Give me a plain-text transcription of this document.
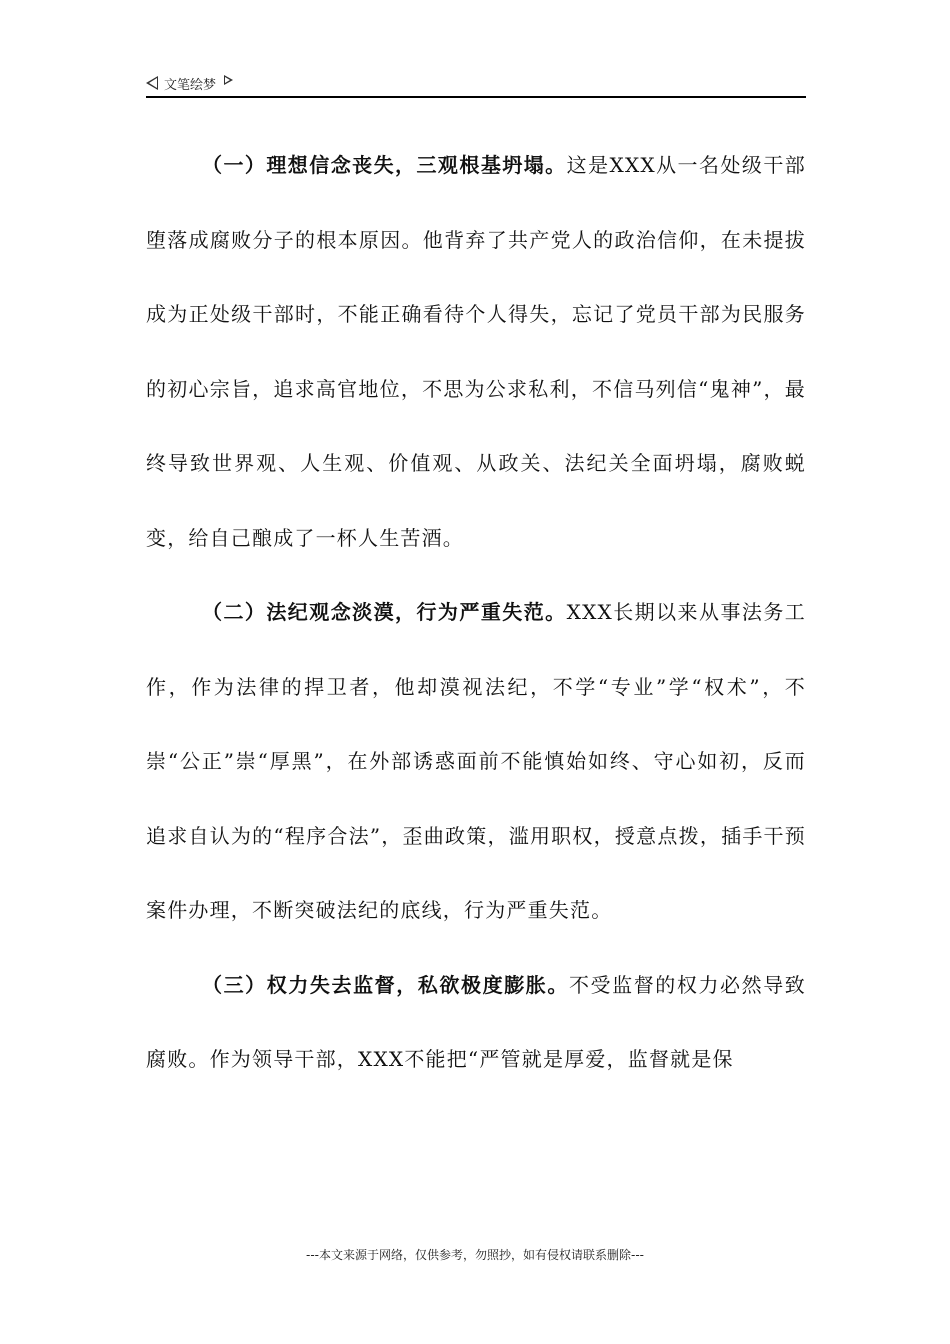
文笔绘梦

（一）理想信念丧失，三观根基坍塌。这是XXX从一名处级干部堕落成腐败分子的根本原因。他背弃了共产党人的政治信仰，在未提拔成为正处级干部时，不能正确看待个人得失，忘记了党员干部为民服务的初心宗旨，追求高官地位，不思为公求私利，不信马列信“鬼神”，最终导致世界观、人生观、价值观、从政关、法纪关全面坍塌，腐败蜕变，给自己酿成了一杯人生苦酒。

（二）法纪观念淡漠，行为严重失范。XXX长期以来从事法务工作，作为法律的捍卫者，他却漠视法纪，不学“专业”学“权术”，不崇“公正”崇“厚黑”，在外部诱惑面前不能慎始如终、守心如初，反而追求自认为的“程序合法”，歪曲政策，滥用职权，授意点拨，插手干预案件办理，不断突破法纪的底线，行为严重失范。

（三）权力失去监督，私欲极度膨胀。不受监督的权力必然导致腐败。作为领导干部，XXX不能把“严管就是厚爱，监督就是保

---本文来源于网络，仅供参考，勿照抄，如有侵权请联系删除---
